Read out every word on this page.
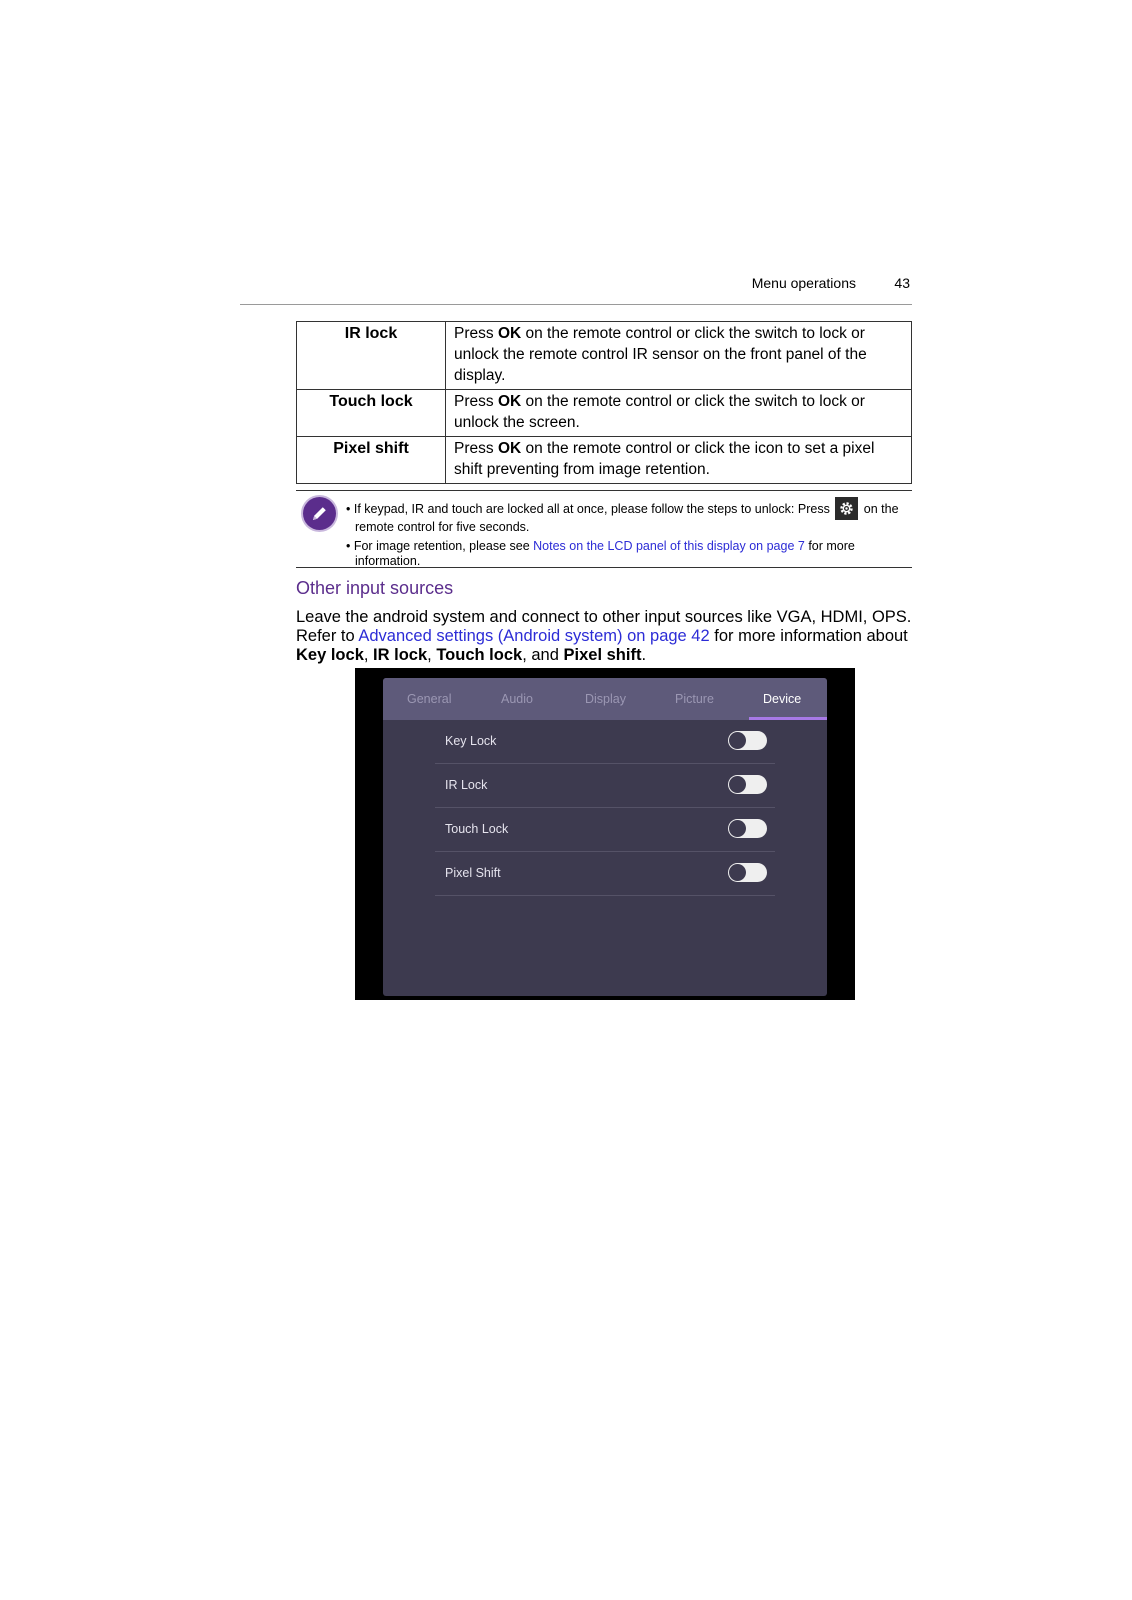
Menu operations	43
IR lock	Press OK on the remote control or click the switch to lock or unlock the remote control IR sensor on the front panel of the display.
Touch lock	Press OK on the remote control or click the switch to lock or unlock the screen.
Pixel shift	Press OK on the remote control or click the icon to set a pixel shift preventing from image retention.

• If keypad, IR and touch are locked all at once, please follow the steps to unlock: Press
on the remote control for five seconds.

• For image retention, please see Notes on the LCD panel of this display on page 7 for more information.

Other input sources
Leave the android system and connect to other input sources like VGA, HDMI, OPS. Refer to Advanced settings (Android system) on page 42 for more information about Key lock, IR lock, Touch lock, and Pixel shift.
General	Audio	Display	Picture	Device
Key Lock
IR Lock
Touch Lock
Pixel Shift
